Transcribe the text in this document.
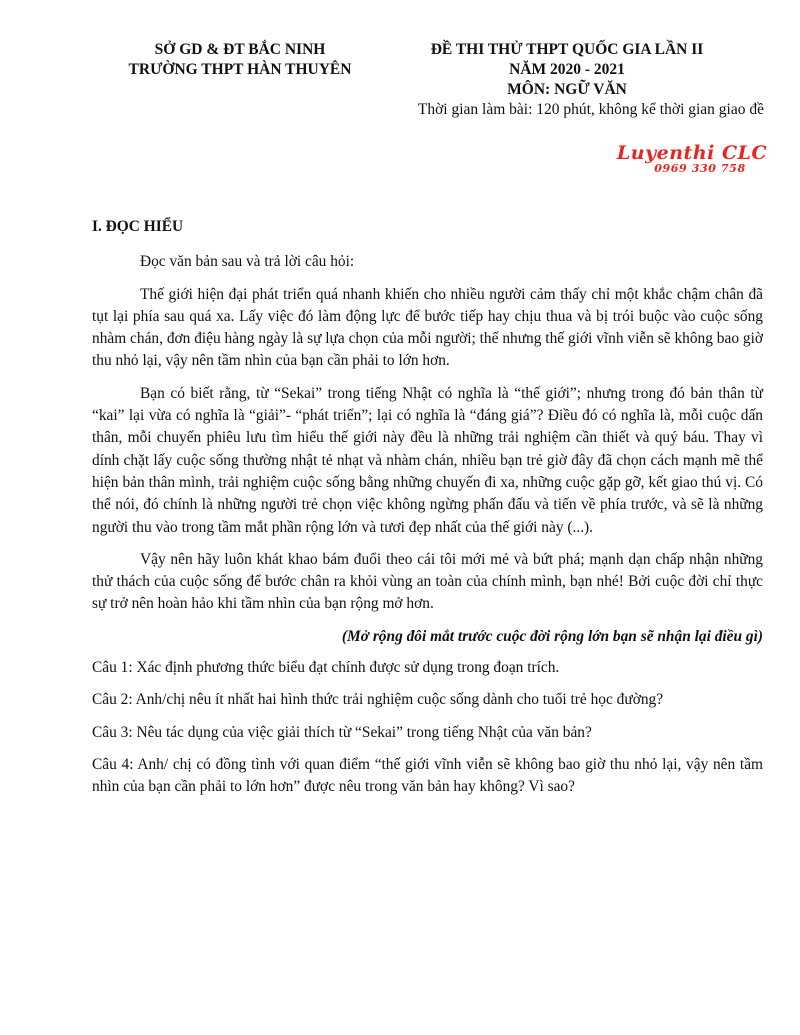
SỞ GD & ĐT BẮC NINH
TRƯỜNG THPT HÀN THUYÊN
ĐỀ THI THỬ THPT QUỐC GIA LẦN II
NĂM 2020 - 2021
MÔN: NGỮ VĂN
Thời gian làm bài: 120 phút, không kể thời gian giao đề
Luyenthi CLC
0969 330 758
I. ĐỌC HIỂU

Đọc văn bản sau và trả lời câu hỏi:

Thế giới hiện đại phát triển quá nhanh khiến cho nhiều người cảm thấy chỉ một khắc chậm chân đã tụt lại phía sau quá xa. Lấy việc đó làm động lực để bước tiếp hay chịu thua và bị trói buộc vào cuộc sống nhàm chán, đơn điệu hàng ngày là sự lựa chọn của mỗi người; thế nhưng thế giới vĩnh viễn sẽ không bao giờ thu nhỏ lại, vậy nên tầm nhìn của bạn cần phải to lớn hơn.

Bạn có biết rằng, từ “Sekai” trong tiếng Nhật có nghĩa là “thế giới”; nhưng trong đó bản thân từ “kai” lại vừa có nghĩa là “giải”- “phát triển”; lại có nghĩa là “đáng giá”? Điều đó có nghĩa là, mỗi cuộc dấn thân, mỗi chuyến phiêu lưu tìm hiểu thế giới này đều là những trải nghiệm cần thiết và quý báu. Thay vì dính chặt lấy cuộc sống thường nhật tẻ nhạt và nhàm chán, nhiều bạn trẻ giờ đây đã chọn cách mạnh mẽ thể hiện bản thân mình, trải nghiệm cuộc sống bằng những chuyến đi xa, những cuộc gặp gỡ, kết giao thú vị. Có thể nói, đó chính là những người trẻ chọn việc không ngừng phấn đấu và tiến về phía trước, và sẽ là những người thu vào trong tầm mắt phần rộng lớn và tươi đẹp nhất của thế giới này (...).

Vậy nên hãy luôn khát khao bám đuổi theo cái tôi mới mẻ và bứt phá; mạnh dạn chấp nhận những thử thách của cuộc sống để bước chân ra khỏi vùng an toàn của chính mình, bạn nhé! Bởi cuộc đời chỉ thực sự trở nên hoàn hảo khi tầm nhìn của bạn rộng mở hơn.

(Mở rộng đôi mắt trước cuộc đời rộng lớn bạn sẽ nhận lại điều gì)

Câu 1: Xác định phương thức biểu đạt chính được sử dụng trong đoạn trích.

Câu 2: Anh/chị nêu ít nhất hai hình thức trải nghiệm cuộc sống dành cho tuổi trẻ học đường?

Câu 3: Nêu tác dụng của việc giải thích từ “Sekai” trong tiếng Nhật của văn bản?

Câu 4: Anh/ chị có đồng tình với quan điểm “thế giới vĩnh viễn sẽ không bao giờ thu nhỏ lại, vậy nên tầm nhìn của bạn cần phải to lớn hơn” được nêu trong văn bản hay không? Vì sao?
